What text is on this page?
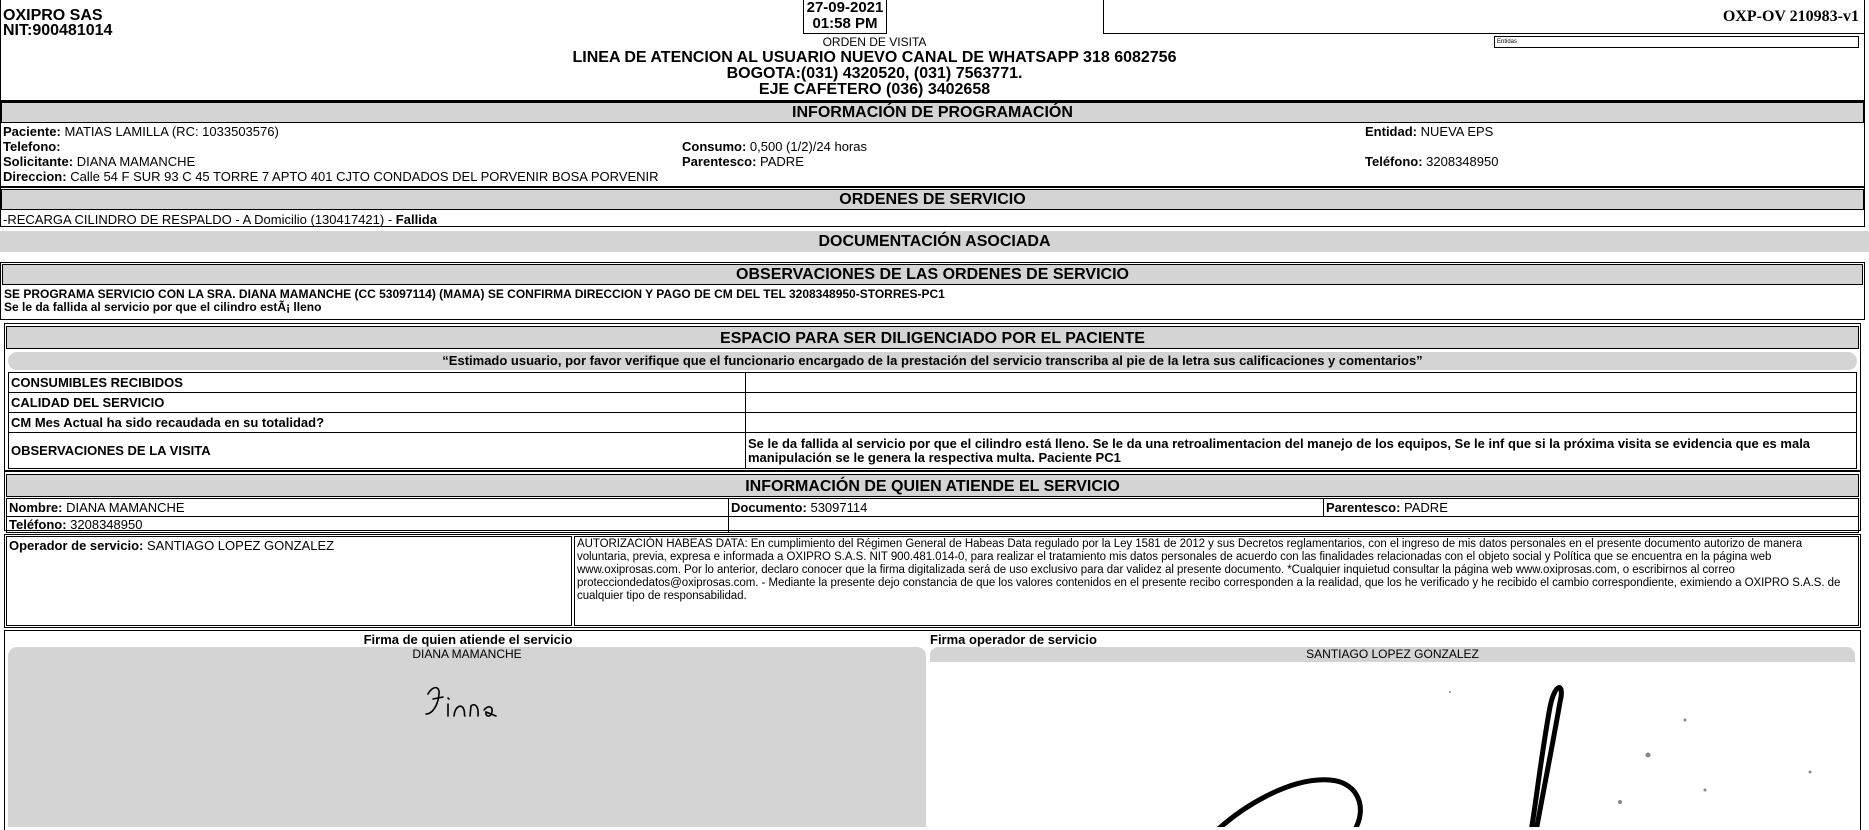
OXIPRO SAS
NIT:900481014
27-09-2021
01:58 PM	OXP-OV 210983-v1
Entidas
ORDEN DE VISITA
LINEA DE ATENCION AL USUARIO NUEVO CANAL DE WHATSAPP 318 6082756
BOGOTA:(031) 4320520, (031) 7563771.
EJE CAFETERO (036) 3402658
INFORMACIÓN DE PROGRAMACIÓN
Paciente: MATIAS LAMILLA (RC: 1033503576)
Telefono:
Solicitante: DIANA MAMANCHE
Direccion: Calle 54 F SUR 93 C 45 TORRE 7 APTO 401 CJTO CONDADOS DEL PORVENIR BOSA PORVENIR
Consumo: 0,500 (1/2)/24 horas
Parentesco: PADRE
Entidad: NUEVA EPS
Teléfono: 3208348950
ORDENES DE SERVICIO
-RECARGA CILINDRO DE RESPALDO - A Domicilio (130417421) - Fallida
DOCUMENTACIÓN ASOCIADA
OBSERVACIONES DE LAS ORDENES DE SERVICIO
SE PROGRAMA SERVICIO CON LA SRA. DIANA MAMANCHE (CC 53097114) (MAMA) SE CONFIRMA DIRECCION Y PAGO DE CM DEL TEL 3208348950-STORRES-PC1
Se le da fallida al servicio por que el cilindro estÃ¡ lleno
ESPACIO PARA SER DILIGENCIADO POR EL PACIENTE
“Estimado usuario, por favor verifique que el funcionario encargado de la prestación del servicio transcriba al pie de la letra sus calificaciones y comentarios”
CONSUMIBLES RECIBIDOS	
CALIDAD DEL SERVICIO	
CM Mes Actual ha sido recaudada en su totalidad?	
OBSERVACIONES DE LA VISITA	Se le da fallida al servicio por que el cilindro está lleno. Se le da una retroalimentacion del manejo de los equipos, Se le inf que si la próxima visita se evidencia que es mala manipulación se le genera la respectiva multa. Paciente PC1
INFORMACIÓN DE QUIEN ATIENDE EL SERVICIO
Nombre: DIANA MAMANCHE	Documento: 53097114	Parentesco: PADRE
Teléfono: 3208348950		
Operador de servicio: SANTIAGO LOPEZ GONZALEZ	AUTORIZACIÓN HABEAS DATA: En cumplimiento del Régimen General de Habeas Data regulado por la Ley 1581 de 2012 y sus Decretos reglamentarios, con el ingreso de mis datos personales en el presente documento autorizo de manera voluntaria, previa, expresa e informada a OXIPRO S.A.S. NIT 900.481.014-0, para realizar el tratamiento mis datos personales de acuerdo con las finalidades relacionadas con el objeto social y Política que se encuentra en la página web www.oxiprosas.com. Por lo anterior, declaro conocer que la firma digitalizada será de uso exclusivo para dar validez al presente documento. *Cualquier inquietud consultar la página web www.oxiprosas.com, o escribirnos al correo protecciondedatos@oxiprosas.com. - Mediante la presente dejo constancia de que los valores contenidos en el presente recibo corresponden a la realidad, que los he verificado y he recibido el cambio correspondiente, eximiendo a OXIPRO S.A.S. de cualquier tipo de responsabilidad.
Firma de quien atiende el servicio	Firma operador de servicio
DIANA MAMANCHE	SANTIAGO LOPEZ GONZALEZ
